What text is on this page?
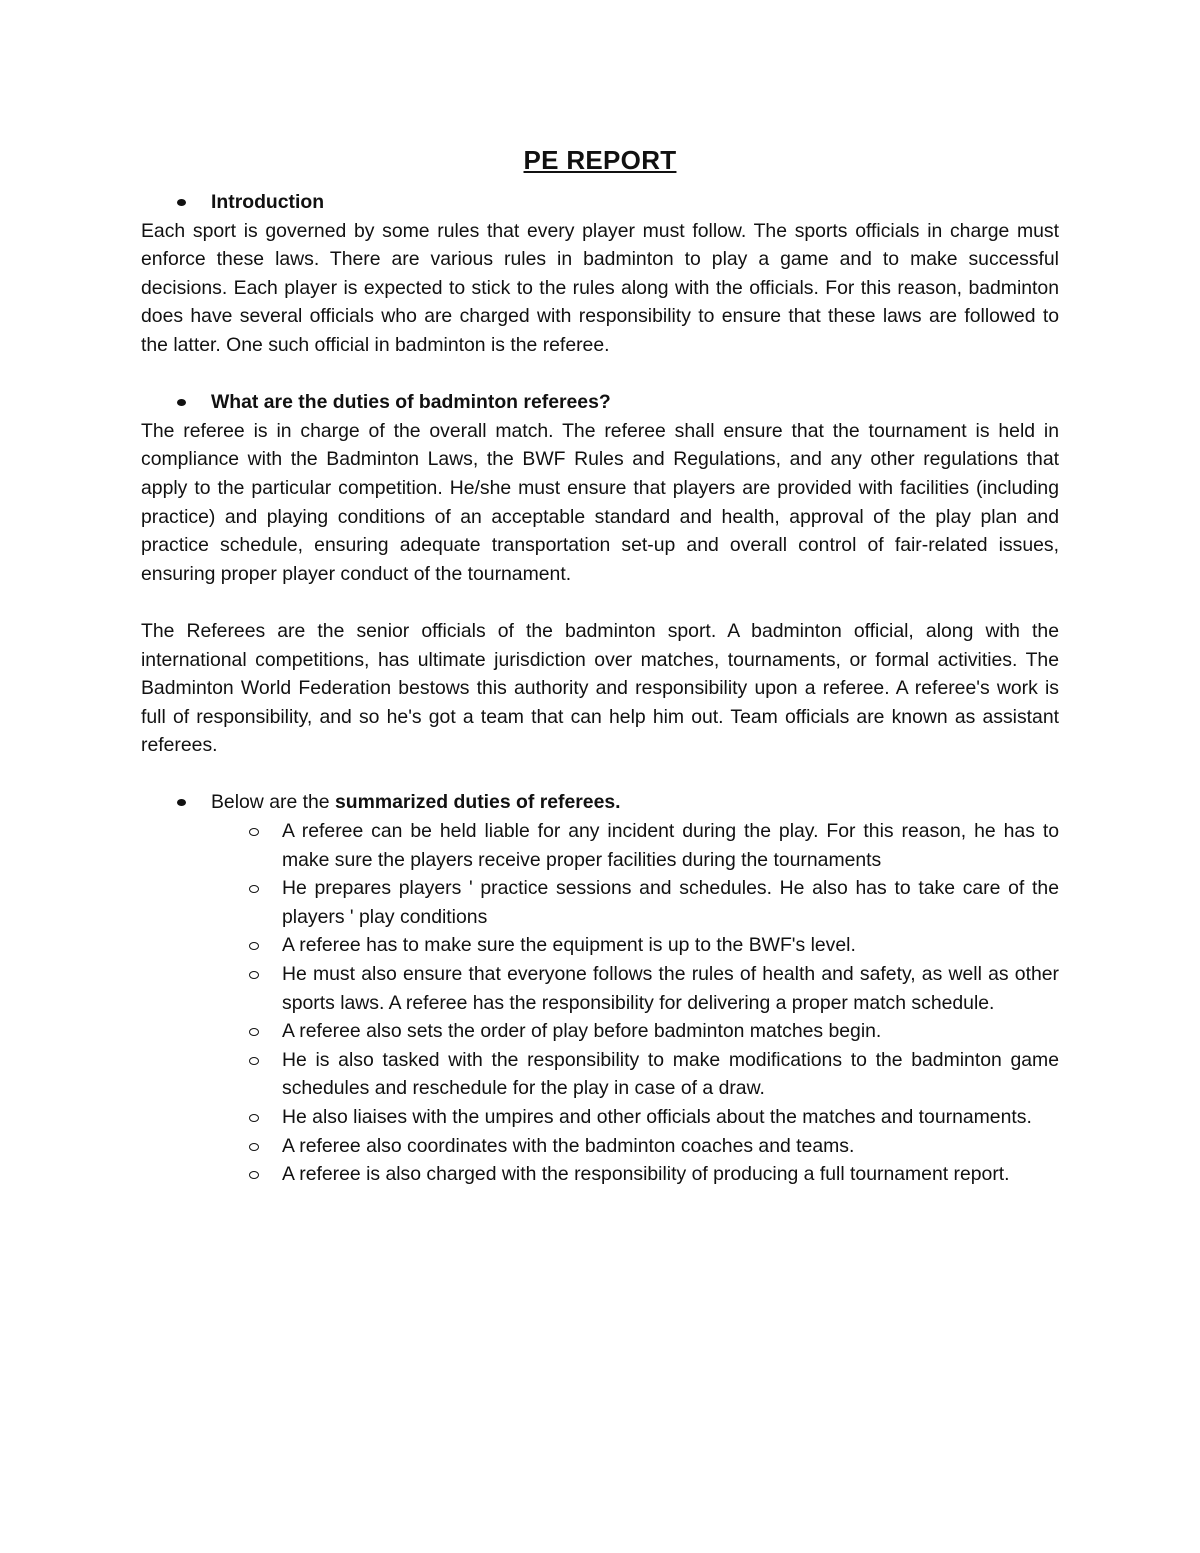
PE REPORT

Introduction

Each sport is governed by some rules that every player must follow. The sports officials in charge must enforce these laws. There are various rules in badminton to play a game and to make successful decisions. Each player is expected to stick to the rules along with the officials. For this reason, badminton does have several officials who are charged with responsibility to ensure that these laws are followed to the latter. One such official in badminton is the referee.

What are the duties of badminton referees?

The referee is in charge of the overall match. The referee shall ensure that the tournament is held in compliance with the Badminton Laws, the BWF Rules and Regulations, and any other regulations that apply to the particular competition. He/she must ensure that players are provided with facilities (including practice) and playing conditions of an acceptable standard and health, approval of the play plan and practice schedule, ensuring adequate transportation set-up and overall control of fair-related issues, ensuring proper player conduct of the tournament.

The Referees are the senior officials of the badminton sport. A badminton official, along with the international competitions, has ultimate jurisdiction over matches, tournaments, or formal activities. The Badminton World Federation bestows this authority and responsibility upon a referee. A referee's work is full of responsibility, and so he's got a team that can help him out. Team officials are known as assistant referees.

Below are the summarized duties of referees.

A referee can be held liable for any incident during the play. For this reason, he has to make sure the players receive proper facilities during the tournaments
He prepares players ' practice sessions and schedules. He also has to take care of the players ' play conditions
A referee has to make sure the equipment is up to the BWF's level.
He must also ensure that everyone follows the rules of health and safety, as well as other sports laws. A referee has the responsibility for delivering a proper match schedule.
A referee also sets the order of play before badminton matches begin.
He is also tasked with the responsibility to make modifications to the badminton game schedules and reschedule for the play in case of a draw.
He also liaises with the umpires and other officials about the matches and tournaments.
A referee also coordinates with the badminton coaches and teams.
A referee is also charged with the responsibility of producing a full tournament report.
